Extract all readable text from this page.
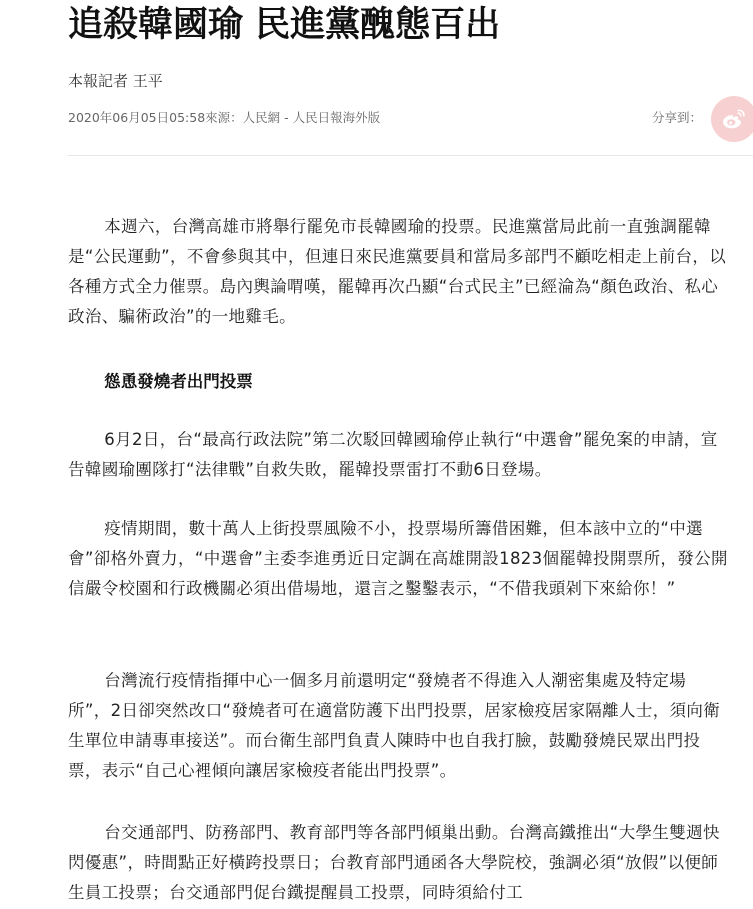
追殺韓國瑜 民進黨醜態百出
本報記者 王平
2020年06月05日05:58來源：人民網 - 人民日報海外版	分享到：

本週六，台灣高雄市將舉行罷免市長韓國瑜的投票。民進黨當局此前一直強調罷韓是“公民運動”，不會參與其中，但連日來民進黨要員和當局多部門不顧吃相走上前台，以各種方式全力催票。島內輿論喟嘆，罷韓再次凸顯“台式民主”已經淪為“顏色政治、私心政治、騙術政治”的一地雞毛。

慫恿發燒者出門投票

6月2日，台“最高行政法院”第二次駁回韓國瑜停止執行“中選會”罷免案的申請，宣告韓國瑜團隊打“法律戰”自救失敗，罷韓投票雷打不動6日登場。

疫情期間，數十萬人上街投票風險不小，投票場所籌借困難，但本該中立的“中選會”卻格外賣力，“中選會”主委李進勇近日定調在高雄開設1823個罷韓投開票所，發公開信嚴令校園和行政機關必須出借場地，還言之鑿鑿表示，“不借我頭剁下來給你！”

台灣流行疫情指揮中心一個多月前還明定“發燒者不得進入人潮密集處及特定場所”，2日卻突然改口“發燒者可在適當防護下出門投票，居家檢疫居家隔離人士，須向衛生單位申請專車接送”。而台衛生部門負責人陳時中也自我打臉，鼓勵發燒民眾出門投票，表示“自己心裡傾向讓居家檢疫者能出門投票”。

台交通部門、防務部門、教育部門等各部門傾巢出動。台灣高鐵推出“大學生雙週快閃優惠”，時間點正好橫跨投票日；台教育部門通函各大學院校，強調必須“放假”以便師生員工投票；台交通部門促台鐵提醒員工投票，同時須給付工
